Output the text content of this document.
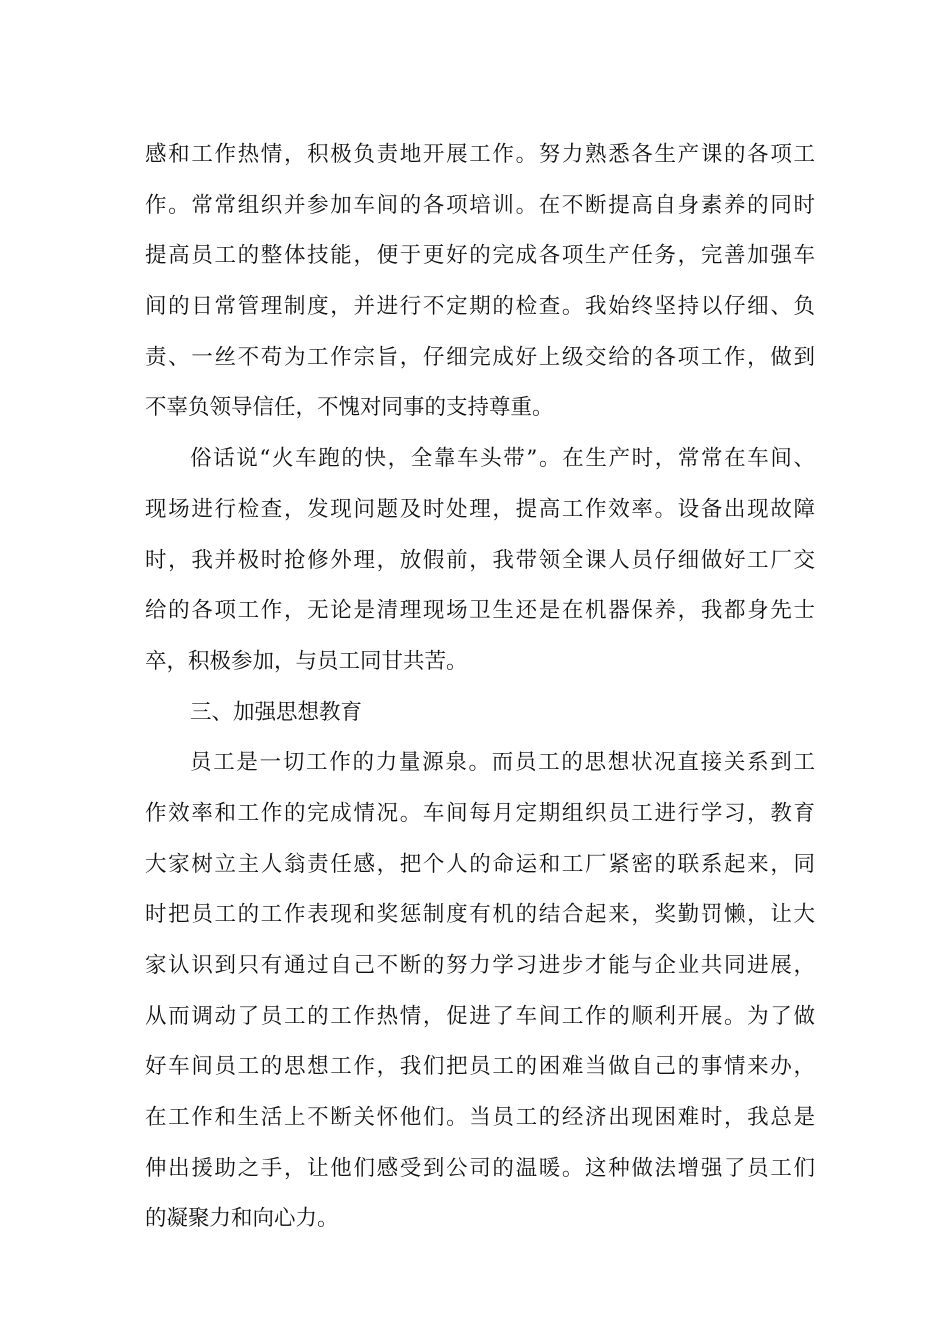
感和工作热情，积极负责地开展工作。努力熟悉各生产课的各项工
作。常常组织并参加车间的各项培训。在不断提高自身素养的同时
提高员工的整体技能，便于更好的完成各项生产任务，完善加强车
间的日常管理制度，并进行不定期的检查。我始终坚持以仔细、负
责、一丝不苟为工作宗旨，仔细完成好上级交给的各项工作，做到
不辜负领导信任，不愧对同事的支持尊重。
俗话说“火车跑的快，全靠车头带”。在生产时，常常在车间、
现场进行检查，发现问题及时处理，提高工作效率。设备出现故障
时，我并极时抢修外理，放假前，我带领全课人员仔细做好工厂交
给的各项工作，无论是清理现场卫生还是在机器保养，我都身先士
卒，积极参加，与员工同甘共苦。
三、加强思想教育
员工是一切工作的力量源泉。而员工的思想状况直接关系到工
作效率和工作的完成情况。车间每月定期组织员工进行学习，教育
大家树立主人翁责任感，把个人的命运和工厂紧密的联系起来，同
时把员工的工作表现和奖惩制度有机的结合起来，奖勤罚懒，让大
家认识到只有通过自己不断的努力学习进步才能与企业共同进展，
从而调动了员工的工作热情，促进了车间工作的顺利开展。为了做
好车间员工的思想工作，我们把员工的困难当做自己的事情来办，
在工作和生活上不断关怀他们。当员工的经济出现困难时，我总是
伸出援助之手，让他们感受到公司的温暖。这种做法增强了员工们
的凝聚力和向心力。
